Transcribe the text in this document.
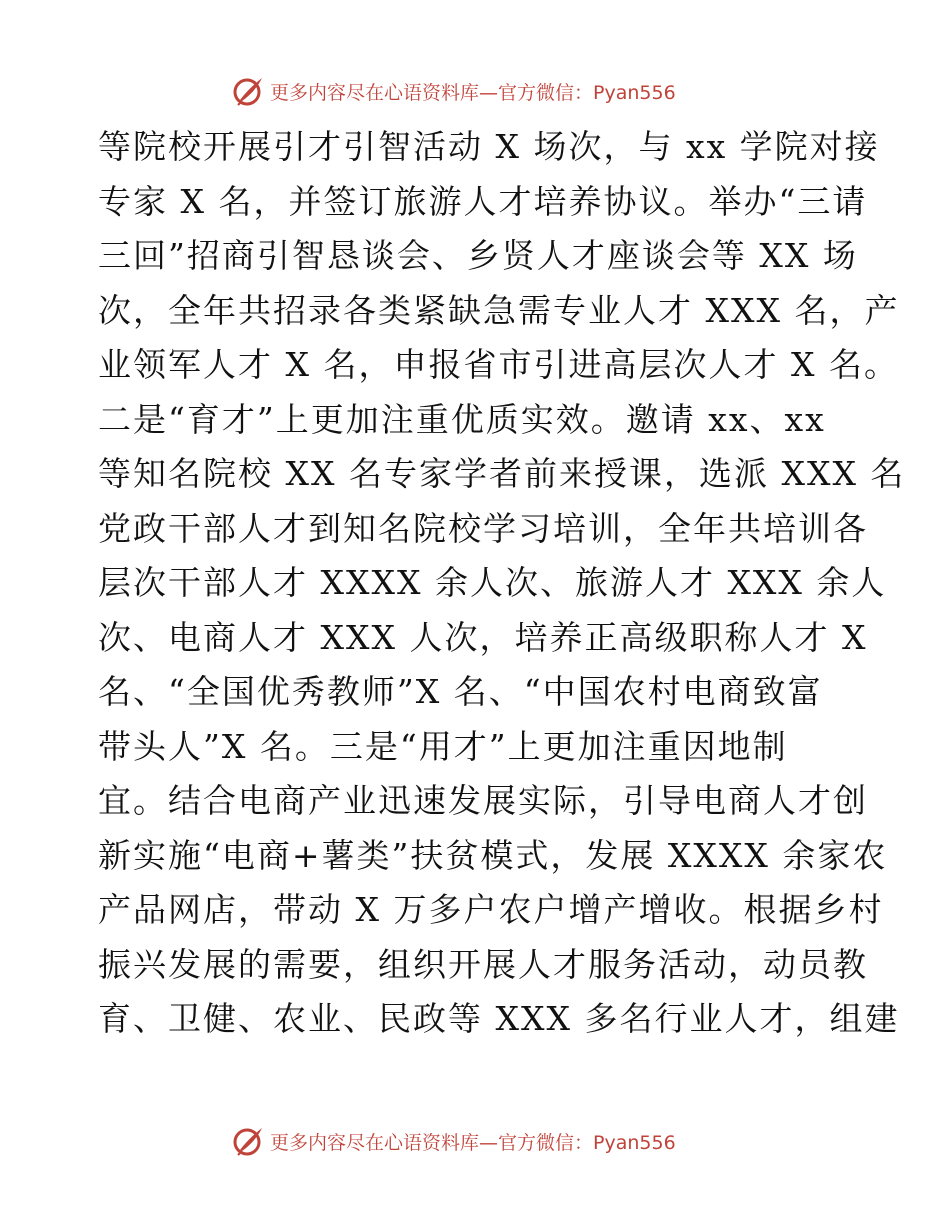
更多内容尽在心语资料库 —官方微信：Pyan556
等院校开展引才引智活动 X 场次，与 xx 学院对接
专家 X 名，并签订旅游人才培养协议。举办“三请
三回”招商引智恳谈会、乡贤人才座谈会等 XX 场
次，全年共招录各类紧缺急需专业人才 XXX 名，产
业领军人才 X 名，申报省市引进高层次人才 X 名。
二是“育才”上更加注重优质实效。邀请 xx、xx
等知名院校 XX 名专家学者前来授课，选派 XXX 名
党政干部人才到知名院校学习培训，全年共培训各
层次干部人才 XXXX 余人次、旅游人才 XXX 余人
次、电商人才 XXX 人次，培养正高级职称人才 X
名、“全国优秀教师”X 名、“中国农村电商致富
带头人”X 名。三是“用才”上更加注重因地制
宜。结合电商产业迅速发展实际，引导电商人才创
新实施“电商+薯类”扶贫模式，发展 XXXX 余家农
产品网店，带动 X 万多户农户增产增收。根据乡村
振兴发展的需要，组织开展人才服务活动，动员教
育、卫健、农业、民政等 XXX 多名行业人才，组建
更多内容尽在心语资料库 —官方微信：Pyan556
